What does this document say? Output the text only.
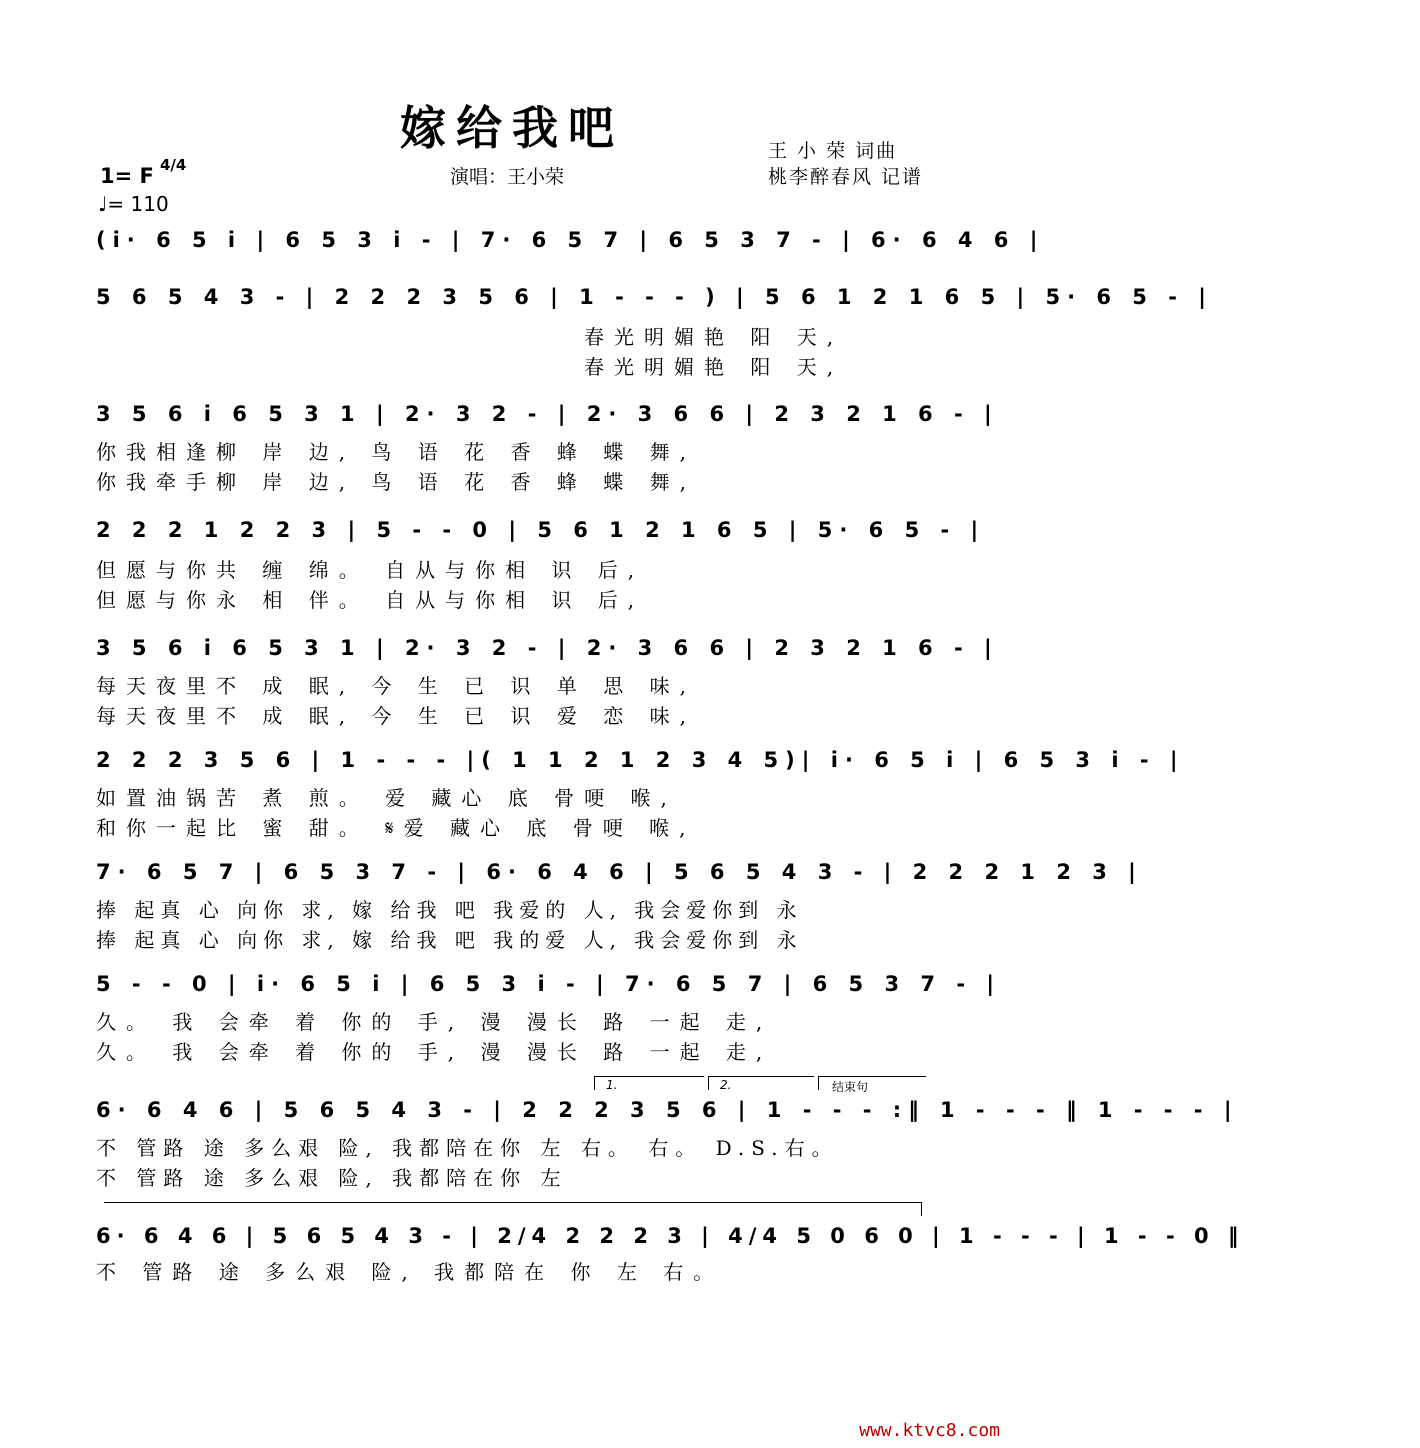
嫁给我吧	王 小 荣 词曲
桃李醉春风 记谱
演唱：王小荣
1= F 4/4
♩= 110
(i· 6 5 i | 6 5 3 i - | 7· 6 5 7 | 6 5 3 7 - | 6· 6 4 6 |
5 6 5 4 3 - | 2 2 2 3 5 6 | 1 - - - ) | 5 6 1 2 1 6 5 | 5· 6 5 - |
春光明媚艳 阳 天,
春光明媚艳 阳 天,
3 5 6 i 6 5 3 1 | 2· 3 2 - | 2· 3 6 6 | 2 3 2 1 6 - |
你我相逢柳 岸 边, 鸟 语 花 香 蜂 蝶 舞,
你我牵手柳 岸 边, 鸟 语 花 香 蜂 蝶 舞,
2 2 2 1 2 2 3 | 5 - - 0 | 5 6 1 2 1 6 5 | 5· 6 5 - |
但愿与你共 缠 绵。 自从与你相 识 后,
但愿与你永 相 伴。 自从与你相 识 后,
3 5 6 i 6 5 3 1 | 2· 3 2 - | 2· 3 6 6 | 2 3 2 1 6 - |
每天夜里不 成 眠, 今 生 已 识 单 思 味,
每天夜里不 成 眠, 今 生 已 识 爱 恋 味,
2 2 2 3 5 6 | 1 - - - |( 1 1 2 1 2 3 4 5)| i· 6 5 i | 6 5 3 i - |
如置油锅苦 煮 煎。 爱 藏心 底 骨哽 喉,
和你一起比 蜜 甜。 𝄋爱 藏心 底 骨哽 喉,
7· 6 5 7 | 6 5 3 7 - | 6· 6 4 6 | 5 6 5 4 3 - | 2 2 2 1 2 3 |
捧 起真 心 向你 求, 嫁 给我 吧 我爱的 人, 我会爱你到 永
捧 起真 心 向你 求, 嫁 给我 吧 我的爱 人, 我会爱你到 永
5 - - 0 | i· 6 5 i | 6 5 3 i - | 7· 6 5 7 | 6 5 3 7 - |
久。 我 会牵 着 你的 手, 漫 漫长 路 一起 走,
久。 我 会牵 着 你的 手, 漫 漫长 路 一起 走,
1.	2.	结束句
6· 6 4 6 | 5 6 5 4 3 - | 2 2 2 3 5 6 | 1 - - - :‖ 1 - - - ‖ 1 - - - |
不 管路 途 多么艰 险, 我都陪在你 左 右。 右。 D.S.右。
不 管路 途 多么艰 险, 我都陪在你 左
6· 6 4 6 | 5 6 5 4 3 - | 2/4 2 2 2 3 | 4/4 5 0 6 0 | 1 - - - | 1 - - 0 ‖
不 管路 途 多么艰 险, 我都陪在 你 左 右。
www.ktvc8.com
